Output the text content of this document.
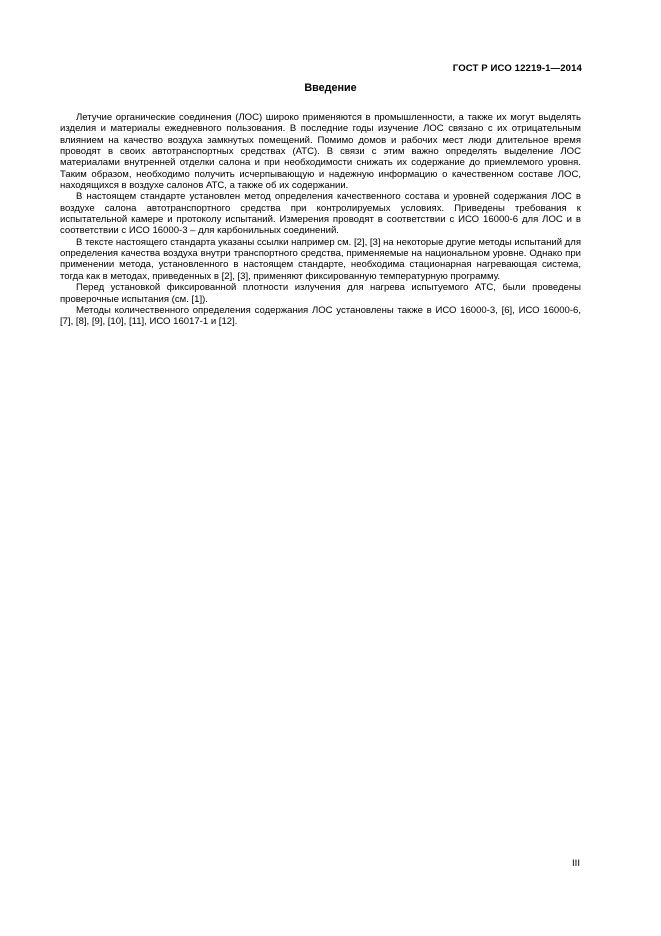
ГОСТ Р ИСО 12219-1—2014
Введение

Летучие органические соединения (ЛОС) широко применяются в промышленности, а также их могут выделять изделия и материалы ежедневного пользования. В последние годы изучение ЛОС связано с их отрицательным влиянием на качество воздуха замкнутых помещений. Помимо домов и рабочих мест люди длительное время проводят в своих автотранспортных средствах (АТС). В связи с этим важно определять выделение ЛОС материалами внутренней отделки салона и при необходимости снижать их содержание до приемлемого уровня. Таким образом, необходимо получить исчерпывающую и надежную информацию о качественном составе ЛОС, находящихся в воздухе салонов АТС, а также об их содержании.

В настоящем стандарте установлен метод определения качественного состава и уровней содержания ЛОС в воздухе салона автотранспортного средства при контролируемых условиях. Приведены требования к испытательной камере и протоколу испытаний. Измерения проводят в соответствии с ИСО 16000-6 для ЛОС и в соответствии с ИСО 16000-3 – для карбонильных соединений.

В тексте настоящего стандарта указаны ссылки например см. [2], [3] на некоторые другие методы испытаний для определения качества воздуха внутри транспортного средства, применяемые на национальном уровне. Однако при применении метода, установленного в настоящем стандарте, необходима стационарная нагревающая система, тогда как в методах, приведенных в [2], [3], применяют фиксированную температурную программу.

Перед установкой фиксированной плотности излучения для нагрева испытуемого АТС, были проведены проверочные испытания (см. [1]).

Методы количественного определения содержания ЛОС установлены также в ИСО 16000-3, [6], ИСО 16000-6, [7], [8], [9], [10], [11], ИСО 16017-1 и [12].

III
